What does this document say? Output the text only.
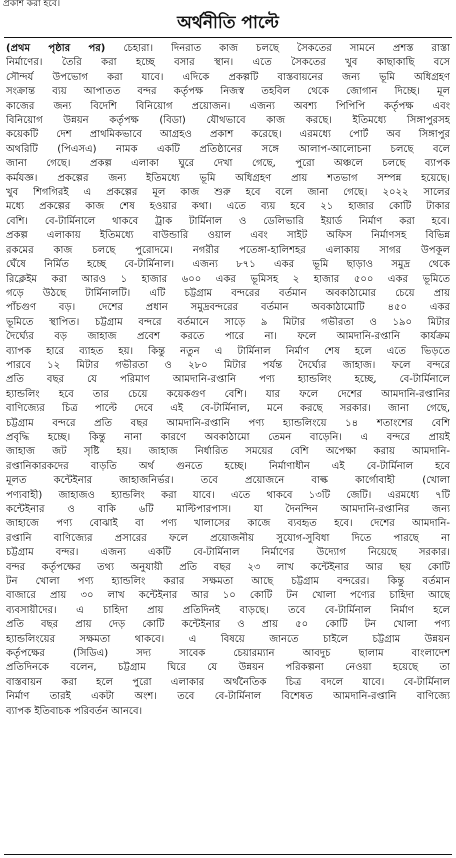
প্রকাশ করা হবে।
অর্থনীতি পাল্টে
(প্রথম পৃষ্ঠার পর) চেহারা। দিনরাত কাজ চলছে সৈকতের সামনে প্রশস্ত রাস্তা
নির্মাণের। তৈরি করা হচ্ছে বসার স্থান। এতে সৈকতের খুব কাছাকাছি বসে
সৌন্দর্য উপভোগ করা যাবে। এদিকে প্রকল্পটি বাস্তবায়নের জন্য ভূমি অধিগ্রহণ
সংক্রান্ত ব্যয় আপাতত বন্দর কর্তৃপক্ষ নিজস্ব তহবিল থেকে জোগান দিচ্ছে। মূল
কাজের জন্য বিদেশি বিনিয়োগ প্রয়োজন। এজন্য অবশ্য পিপিপি কর্তৃপক্ষ এবং
বিনিয়োগ উন্নয়ন কর্তৃপক্ষ (বিডা) যৌথভাবে কাজ করছে। ইতিমধ্যে সিঙ্গাপুরসহ
কয়েকটি দেশ প্রাথমিকভাবে আগ্রহও প্রকাশ করেছে। এরমধ্যে পোর্ট অব সিঙ্গাপুর
অথরিটি (পিএসএ) নামক একটি প্রতিষ্ঠানের সঙ্গে আলাপ-আলোচনা চলছে বলে
জানা গেছে। প্রকল্প এলাকা ঘুরে দেখা গেছে, পুরো অঞ্চলে চলছে ব্যাপক
কর্মযজ্ঞ। প্রকল্পের জন্য ইতিমধ্যে ভূমি অধিগ্রহণ প্রায় শতভাগ সম্পন্ন হয়েছে।
খুব শিগগিরই এ প্রকল্পের মূল কাজ শুরু হবে বলে জানা গেছে। ২০২২ সালের
মধ্যে প্রকল্পের কাজ শেষ হওয়ার কথা। এতে ব্যয় হবে ২১ হাজার কোটি টাকার
বেশি। বে-টার্মিনালে থাকবে ট্রাক টার্মিনাল ও ডেলিভারি ইয়ার্ড নির্মাণ করা হবে।
প্রকল্প এলাকায় ইতিমধ্যে বাউন্ডারি ওয়াল এবং সাইট অফিস নির্মাণসহ বিভিন্ন
রকমের কাজ চলছে পুরোদমে। নগরীর পতেঙ্গা-হালিশহর এলাকায় সাগর উপকূল
ঘেঁষে নির্মিত হচ্ছে বে-টার্মিনাল। এজন্য ৮৭১ একর ভূমি ছাড়াও সমুদ্র থেকে
রিক্লেইম করা আরও ১ হাজার ৬০০ একর ভূমিসহ ২ হাজার ৫০০ একর ভূমিতে
গড়ে উঠছে টার্মিনালটি। এটি চট্টগ্রাম বন্দরের বর্তমান অবকাঠামোর চেয়ে প্রায়
পাঁচগুণ বড়। দেশের প্রধান সমুদ্রবন্দরের বর্তমান অবকাঠামোটি ৪৫০ একর
ভূমিতে স্থাপিত। চট্টগ্রাম বন্দরে বর্তমানে সাড়ে ৯ মিটার গভীরতা ও ১৯০ মিটার
দৈর্ঘ্যের বড় জাহাজ প্রবেশ করতে পারে না। ফলে আমদানি-রপ্তানি কার্যক্রম
ব্যাপক হারে ব্যাহত হয়। কিন্তু নতুন এ টার্মিনাল নির্মাণ শেষ হলে এতে ভিড়তে
পারবে ১২ মিটার গভীরতা ও ২৮০ মিটার পর্যন্ত দৈর্ঘ্যের জাহাজ। ফলে বন্দরে
প্রতি বছর যে পরিমাণ আমদানি-রপ্তানি পণ্য হ্যান্ডলিং হচ্ছে, বে-টার্মিনালে
হ্যান্ডলিং হবে তার চেয়ে কয়েকগুণ বেশি। যার ফলে দেশের আমদানি-রপ্তানির
বাণিজ্যের চিত্র পাল্টে দেবে এই বে-টার্মিনাল, মনে করছে সরকার। জানা গেছে,
চট্টগ্রাম বন্দরে প্রতি বছর আমদানি-রপ্তানি পণ্য হ্যান্ডলিংয়ে ১৪ শতাংশের বেশি
প্রবৃদ্ধি হচ্ছে। কিন্তু নানা কারণে অবকাঠামো তেমন বাড়েনি। এ বন্দরে প্রায়ই
জাহাজ জট সৃষ্টি হয়। জাহাজ নির্ধারিত সময়ের বেশি অপেক্ষা করায় আমদানি-
রপ্তানিকারকদের বাড়তি অর্থ গুনতে হচ্ছে। নির্মাণাধীন এই বে-টার্মিনাল হবে
মূলত কন্টেইনার জাহাজনির্ভর। তবে প্রয়োজনে বাল্ক কার্গোবাহী (খোলা
পণ্যবাহী) জাহাজও হ্যান্ডলিং করা যাবে। এতে থাকবে ১৩টি জেটি। এরমধ্যে ৭টি
কন্টেইনার ও বাকি ৬টি মাল্টিপারপাস। যা দৈনন্দিন আমদানি-রপ্তানির জন্য
জাহাজে পণ্য বোঝাই বা পণ্য খালাসের কাজে ব্যবহৃত হবে। দেশের আমদানি-
রপ্তানি বাণিজ্যের প্রসারের ফলে প্রয়োজনীয় সুযোগ-সুবিধা দিতে পারছে না
চট্টগ্রাম বন্দর। এজন্য একটি বে-টার্মিনাল নির্মাণের উদ্যোগ নিয়েছে সরকার।
বন্দর কর্তৃপক্ষের তথ্য অনুযায়ী প্রতি বছর ২৩ লাখ কন্টেইনার আর ছয় কোটি
টন খোলা পণ্য হ্যান্ডলিং করার সক্ষমতা আছে চট্টগ্রাম বন্দরের। কিন্তু বর্তমান
বাজারে প্রায় ৩০ লাখ কন্টেইনার আর ১০ কোটি টন খোলা পণ্যের চাহিদা আছে
ব্যবসায়ীদের। এ চাহিদা প্রায় প্রতিদিনই বাড়ছে। তবে বে-টার্মিনাল নির্মাণ হলে
প্রতি বছর প্রায় দেড় কোটি কন্টেইনার ও প্রায় ৫০ কোটি টন খোলা পণ্য
হ্যান্ডলিংয়ের সক্ষমতা থাকবে। এ বিষয়ে জানতে চাইলে চট্টগ্রাম উন্নয়ন
কর্তৃপক্ষের (সিডিএ) সদ্য সাবেক চেয়ারম্যান আবদুচ ছালাম বাংলাদেশ
প্রতিদিনকে বলেন, চট্টগ্রাম ঘিরে যে উন্নয়ন পরিকল্পনা নেওয়া হয়েছে তা
বাস্তবায়ন করা হলে পুরো এলাকার অর্থনৈতিক চিত্র বদলে যাবে। বে-টার্মিনাল
নির্মাণ তারই একটা অংশ। তবে বে-টার্মিনাল বিশেষত আমদানি-রপ্তানি বাণিজ্যে
ব্যাপক ইতিবাচক পরিবর্তন আনবে।
